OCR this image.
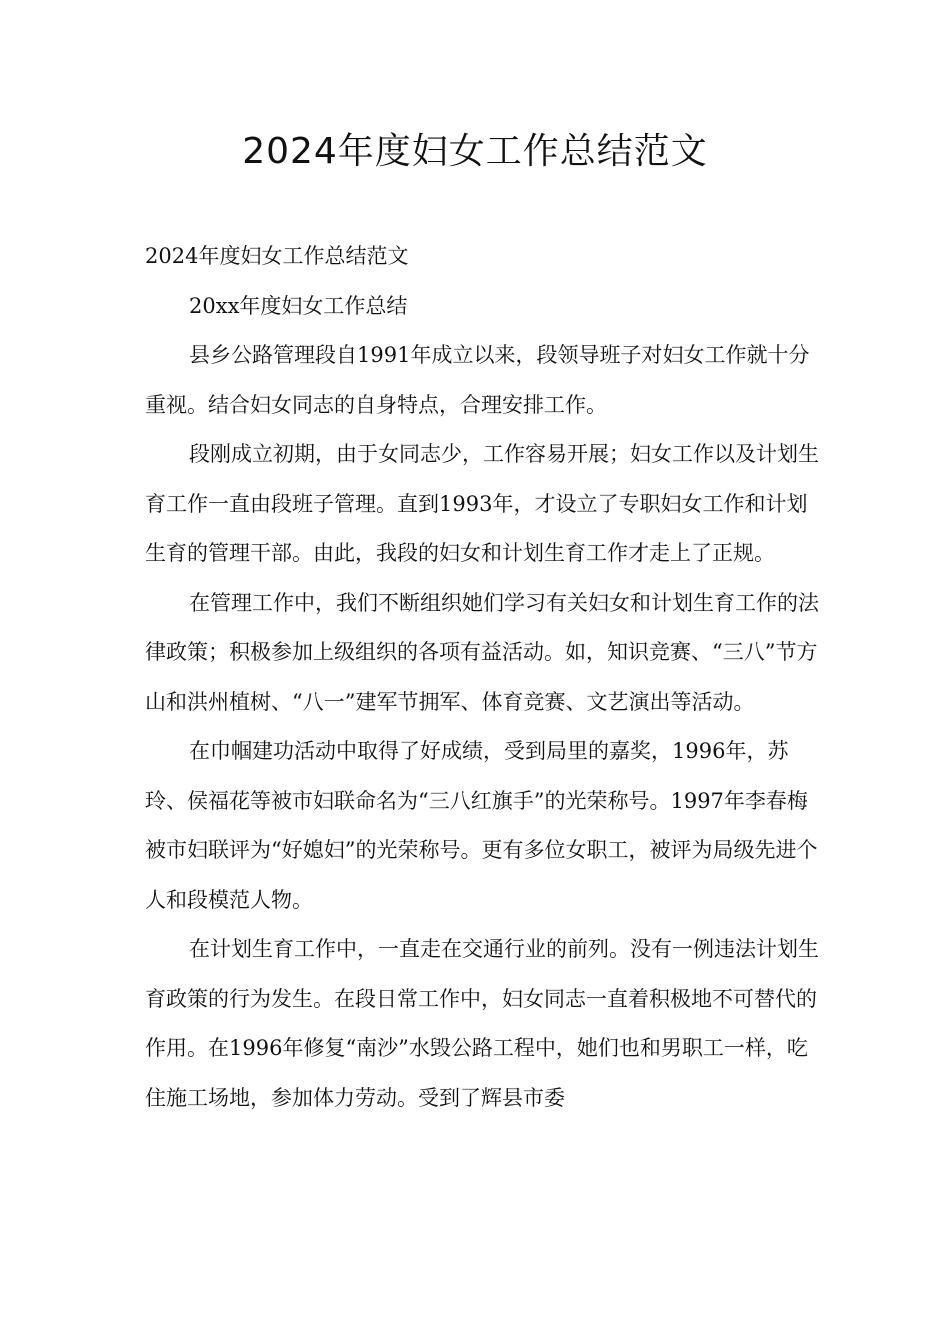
2024年度妇女工作总结范文

2024年度妇女工作总结范文

20xx年度妇女工作总结

县乡公路管理段自1991年成立以来，段领导班子对妇女工作就十分重视。结合妇女同志的自身特点，合理安排工作。

段刚成立初期，由于女同志少，工作容易开展；妇女工作以及计划生育工作一直由段班子管理。直到1993年，才设立了专职妇女工作和计划生育的管理干部。由此，我段的妇女和计划生育工作才走上了正规。

在管理工作中，我们不断组织她们学习有关妇女和计划生育工作的法律政策；积极参加上级组织的各项有益活动。如，知识竞赛、“三八”节方山和洪州植树、“八一”建军节拥军、体育竞赛、文艺演出等活动。

在巾帼建功活动中取得了好成绩，受到局里的嘉奖，1996年，苏玲、侯福花等被市妇联命名为“三八红旗手”的光荣称号。1997年李春梅被市妇联评为“好媳妇”的光荣称号。更有多位女职工，被评为局级先进个人和段模范人物。

在计划生育工作中，一直走在交通行业的前列。没有一例违法计划生育政策的行为发生。在段日常工作中，妇女同志一直着积极地不可替代的作用。在1996年修复“南沙”水毁公路工程中，她们也和男职工一样，吃住施工场地，参加体力劳动。受到了辉县市委
